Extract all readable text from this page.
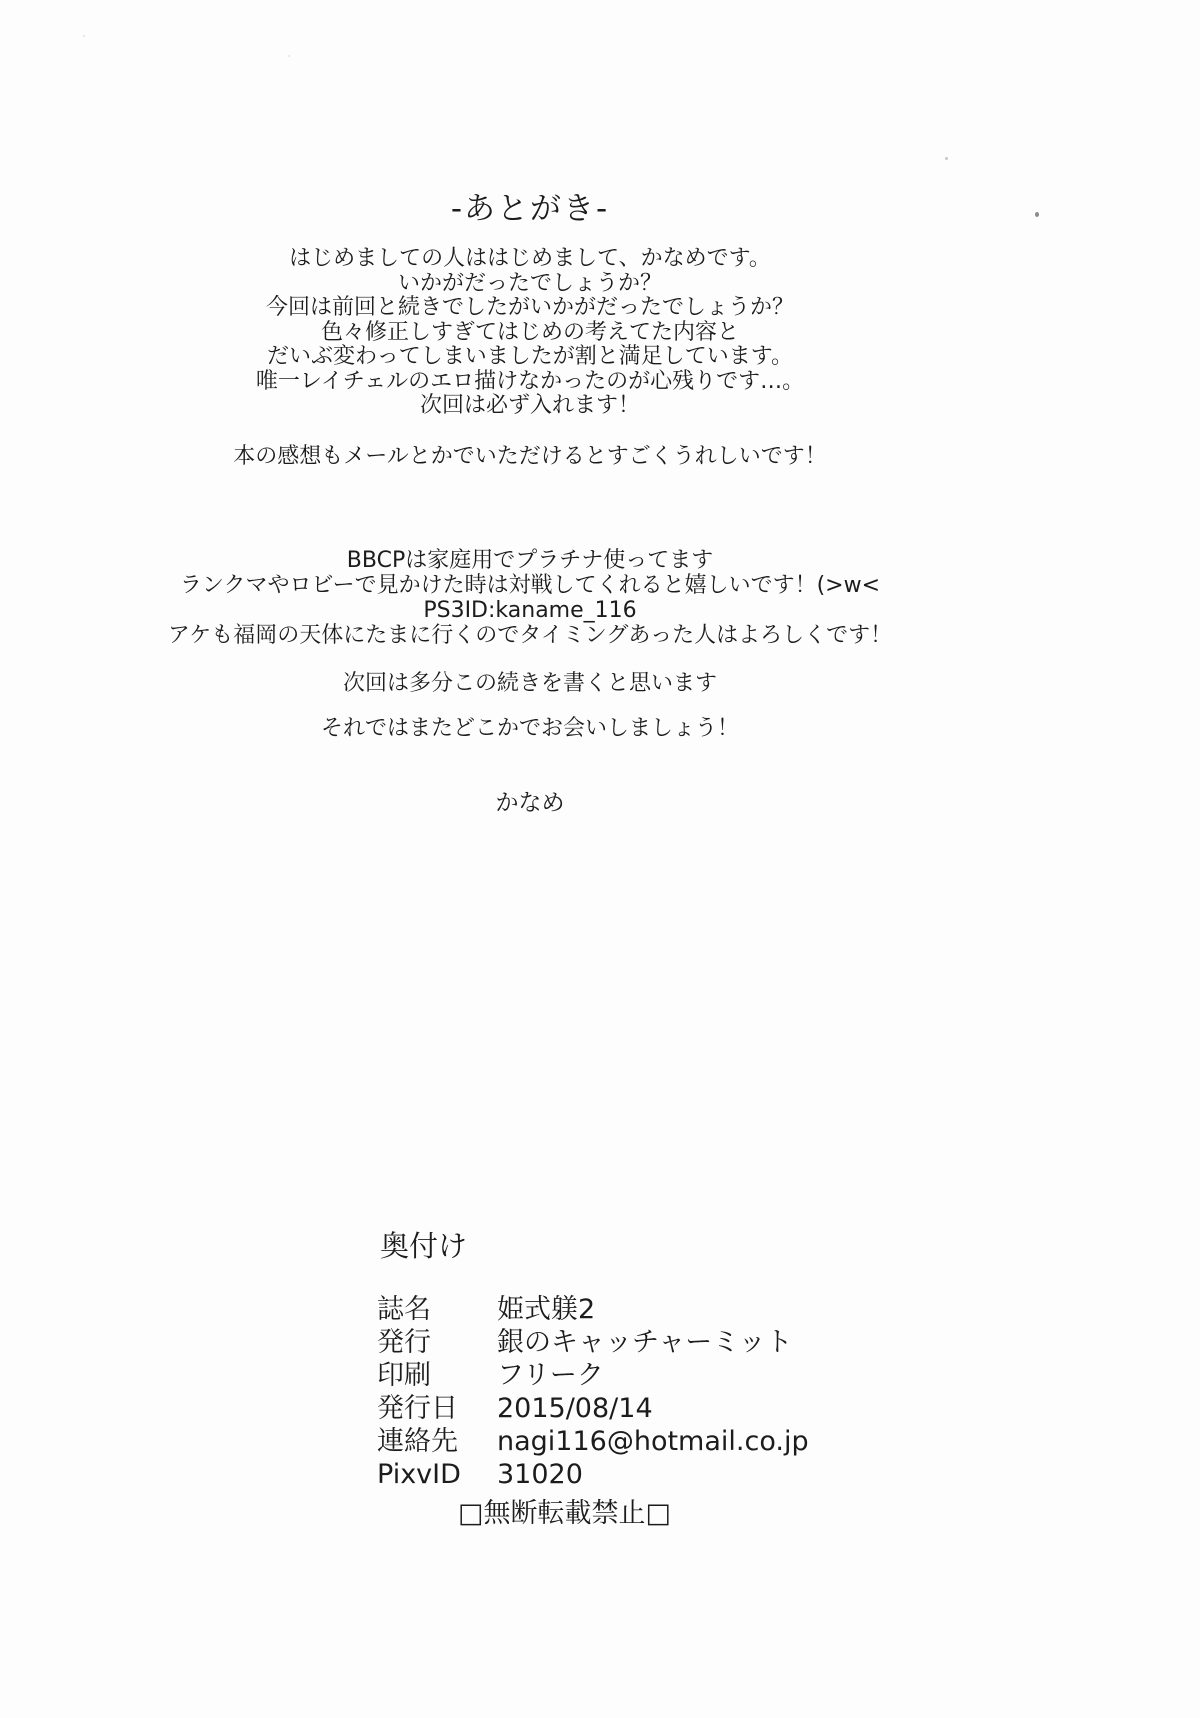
-あとがき-
はじめましての人ははじめまして、かなめです。
いかがだったでしょうか？
今回は前回と続きでしたがいかがだったでしょうか？
色々修正しすぎてはじめの考えてた内容と
だいぶ変わってしまいましたが割と満足しています。
唯一レイチェルのエロ描けなかったのが心残りです…。
次回は必ず入れます！
本の感想もメールとかでいただけるとすごくうれしいです！
BBCPは家庭用でプラチナ使ってます
ランクマやロビーで見かけた時は対戦してくれると嬉しいです！(>w<
PS3ID:kaname_116
アケも福岡の天体にたまに行くのでタイミングあった人はよろしくです！
次回は多分この続きを書くと思います
それではまたどこかでお会いしましょう！
かなめ
奥付け
誌名	姫式躾2
発行	銀のキャッチャーミット
印刷	フリーク
発行日	2015/08/14
連絡先	nagi116@hotmail.co.jp
PixvID	31020
□無断転載禁止□
